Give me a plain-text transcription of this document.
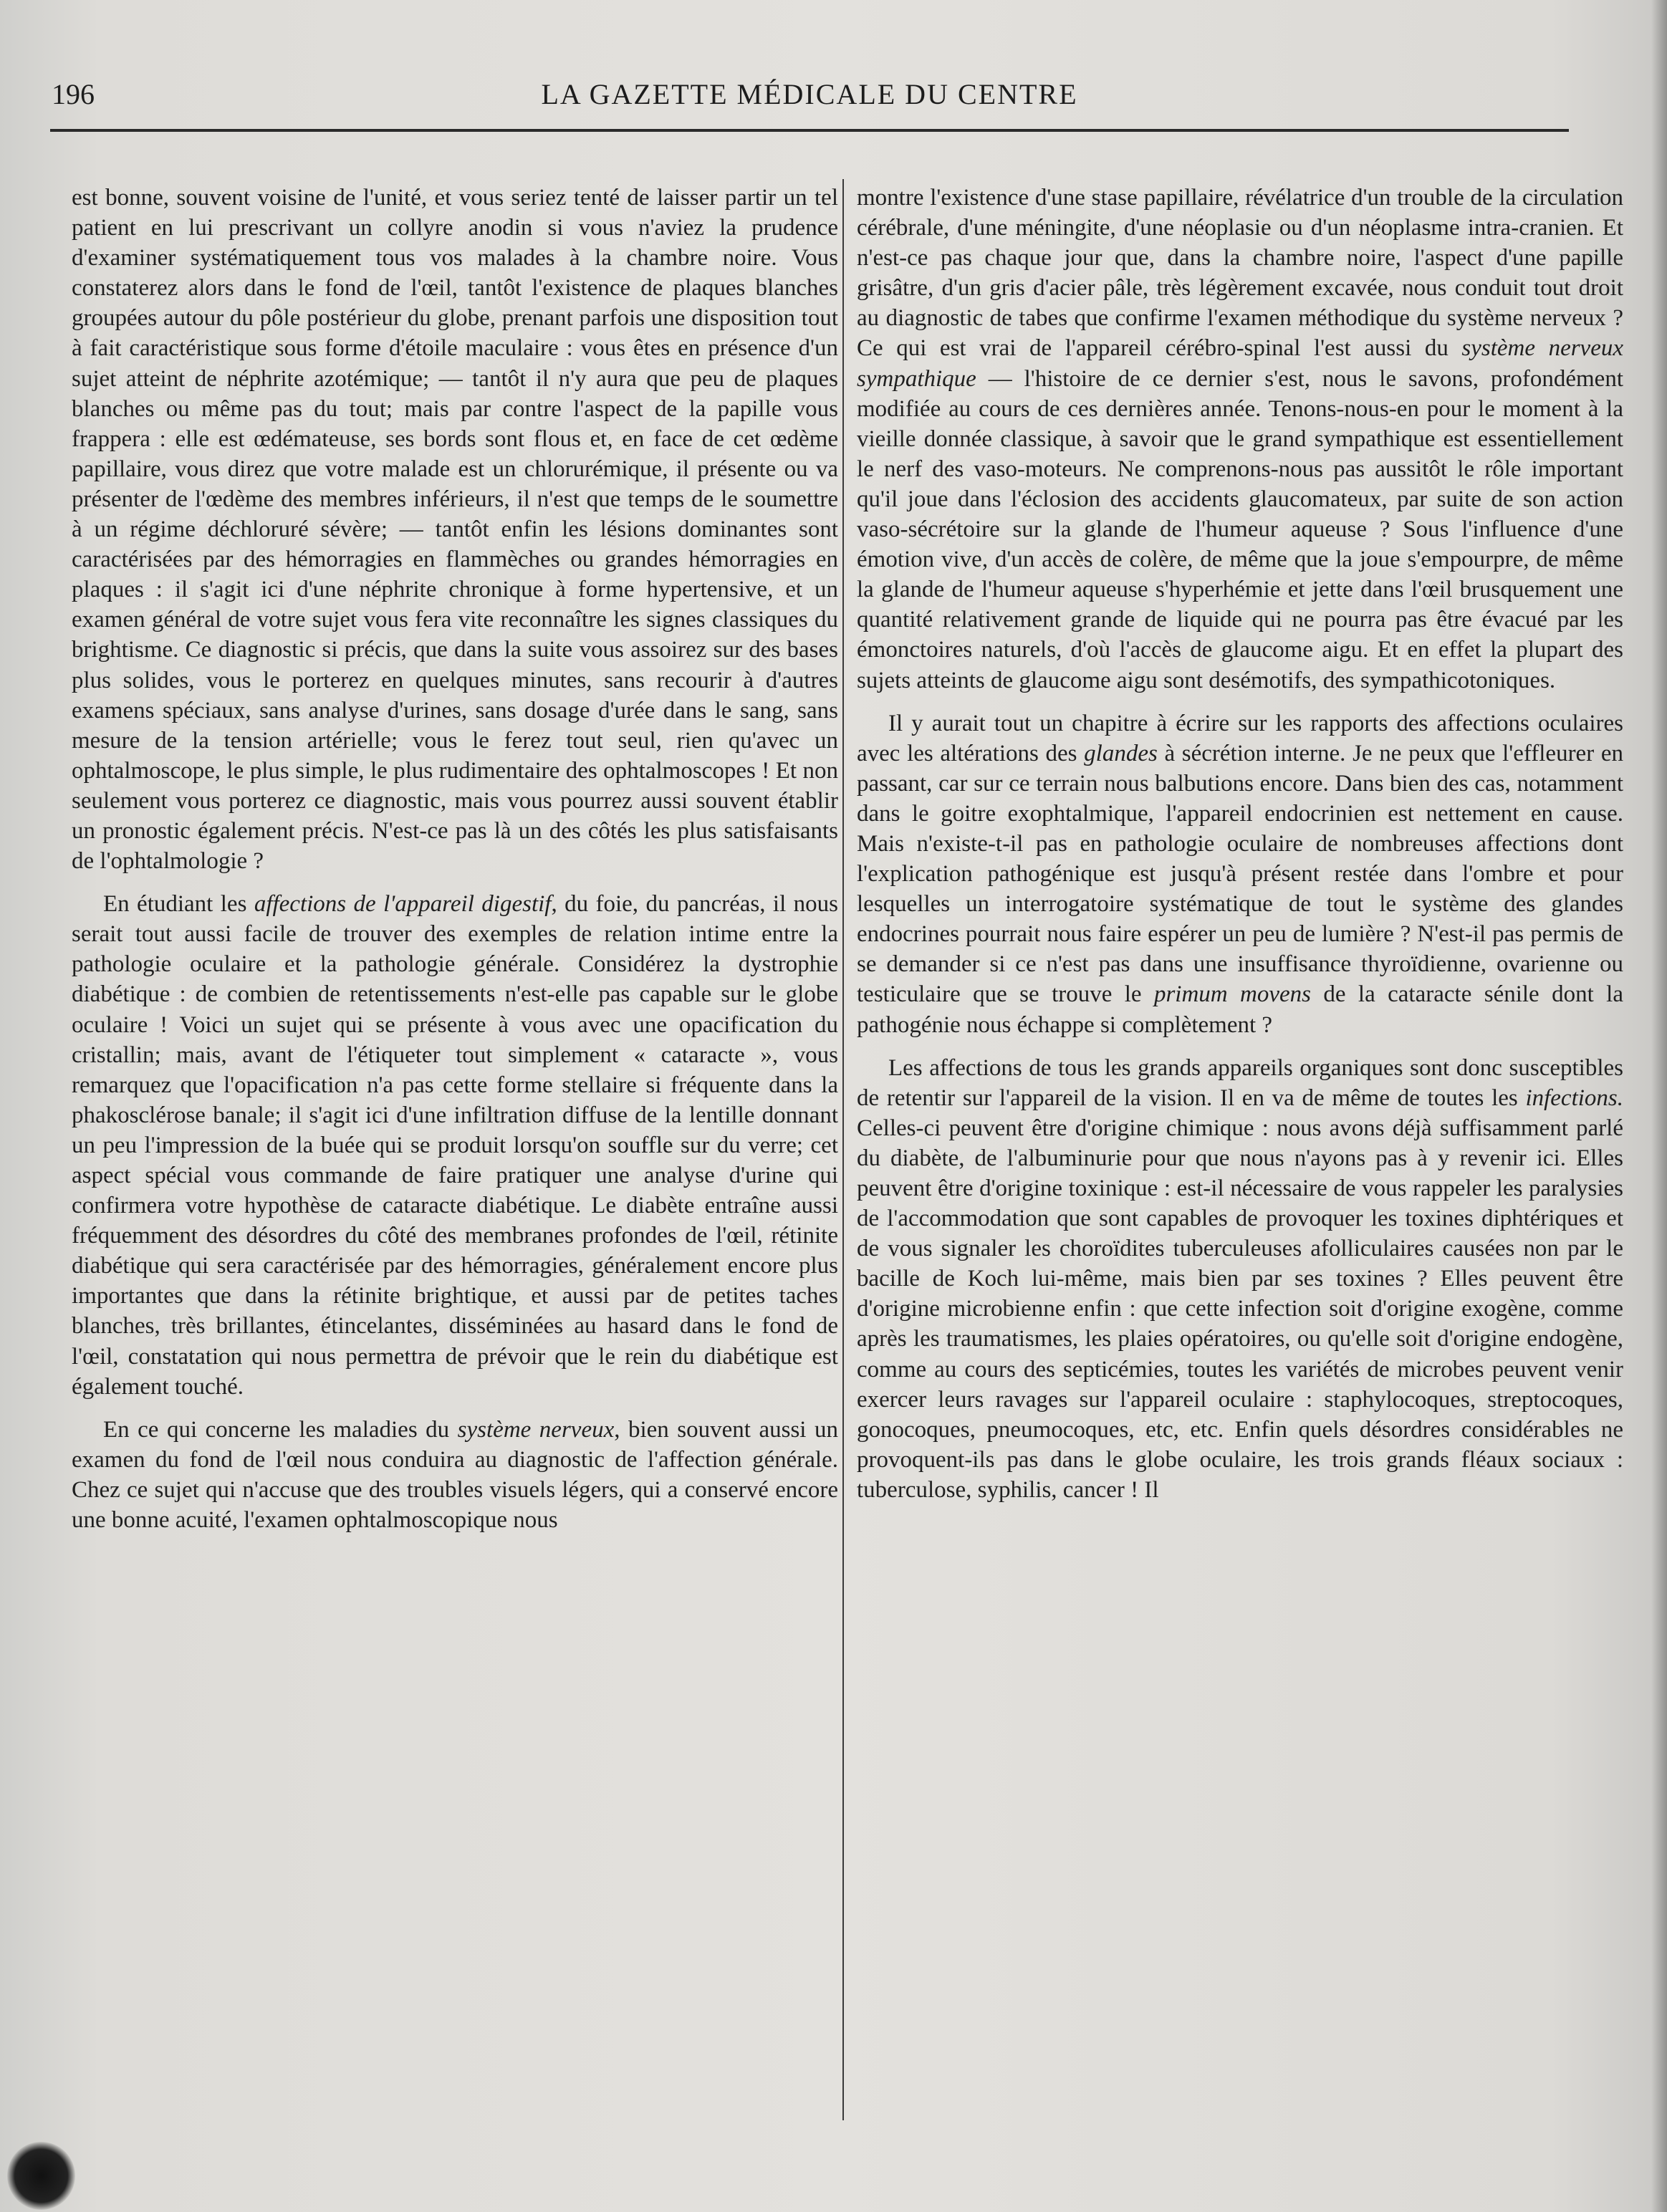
196	LA GAZETTE MÉDICALE DU CENTRE

est bonne, souvent voisine de l'unité, et vous seriez tenté de laisser partir un tel patient en lui prescrivant un collyre anodin si vous n'aviez la prudence d'examiner systématiquement tous vos malades à la chambre noire. Vous constaterez alors dans le fond de l'œil, tantôt l'existence de plaques blanches groupées autour du pôle postérieur du globe, prenant parfois une disposition tout à fait caractéristique sous forme d'étoile maculaire : vous êtes en présence d'un sujet atteint de néphrite azotémique; — tantôt il n'y aura que peu de plaques blanches ou même pas du tout; mais par contre l'aspect de la papille vous frappera : elle est œdémateuse, ses bords sont flous et, en face de cet œdème papillaire, vous direz que votre malade est un chlorurémique, il présente ou va présenter de l'œdème des membres inférieurs, il n'est que temps de le soumettre à un régime déchloruré sévère; — tantôt enfin les lésions dominantes sont caractérisées par des hémorragies en flammèches ou grandes hémorragies en plaques : il s'agit ici d'une néphrite chronique à forme hypertensive, et un examen général de votre sujet vous fera vite reconnaître les signes classiques du brightisme. Ce diagnostic si précis, que dans la suite vous assoirez sur des bases plus solides, vous le porterez en quelques minutes, sans recourir à d'autres examens spéciaux, sans analyse d'urines, sans dosage d'urée dans le sang, sans mesure de la tension artérielle; vous le ferez tout seul, rien qu'avec un ophtalmoscope, le plus simple, le plus rudimentaire des ophtalmoscopes ! Et non seulement vous porterez ce diagnostic, mais vous pourrez aussi souvent établir un pronostic également précis. N'est-ce pas là un des côtés les plus satisfaisants de l'ophtalmologie ?

En étudiant les affections de l'appareil digestif, du foie, du pancréas, il nous serait tout aussi facile de trouver des exemples de relation intime entre la pathologie oculaire et la pathologie générale. Considérez la dystrophie diabétique : de combien de retentissements n'est-elle pas capable sur le globe oculaire ! Voici un sujet qui se présente à vous avec une opacification du cristallin; mais, avant de l'étiqueter tout simplement « cataracte », vous remarquez que l'opacification n'a pas cette forme stellaire si fréquente dans la phakosclérose banale; il s'agit ici d'une infiltration diffuse de la lentille donnant un peu l'impression de la buée qui se produit lorsqu'on souffle sur du verre; cet aspect spécial vous commande de faire pratiquer une analyse d'urine qui confirmera votre hypothèse de cataracte diabétique. Le diabète entraîne aussi fréquemment des désordres du côté des membranes profondes de l'œil, rétinite diabétique qui sera caractérisée par des hémorragies, généralement encore plus importantes que dans la rétinite brightique, et aussi par de petites taches blanches, très brillantes, étincelantes, disséminées au hasard dans le fond de l'œil, constatation qui nous permettra de prévoir que le rein du diabétique est également touché.

En ce qui concerne les maladies du système nerveux, bien souvent aussi un examen du fond de l'œil nous conduira au diagnostic de l'affection générale. Chez ce sujet qui n'accuse que des troubles visuels légers, qui a conservé encore une bonne acuité, l'examen ophtalmoscopique nous

montre l'existence d'une stase papillaire, révélatrice d'un trouble de la circulation cérébrale, d'une méningite, d'une néoplasie ou d'un néoplasme intra-cranien. Et n'est-ce pas chaque jour que, dans la chambre noire, l'aspect d'une papille grisâtre, d'un gris d'acier pâle, très légèrement excavée, nous conduit tout droit au diagnostic de tabes que confirme l'examen méthodique du système nerveux ? Ce qui est vrai de l'appareil cérébro-spinal l'est aussi du système nerveux sympathique — l'histoire de ce dernier s'est, nous le savons, profondément modifiée au cours de ces dernières année. Tenons-nous-en pour le moment à la vieille donnée classique, à savoir que le grand sympathique est essentiellement le nerf des vaso-moteurs. Ne comprenons-nous pas aussitôt le rôle important qu'il joue dans l'éclosion des accidents glaucomateux, par suite de son action vaso-sécrétoire sur la glande de l'humeur aqueuse ? Sous l'influence d'une émotion vive, d'un accès de colère, de même que la joue s'empourpre, de même la glande de l'humeur aqueuse s'hyperhémie et jette dans l'œil brusquement une quantité relativement grande de liquide qui ne pourra pas être évacué par les émonctoires naturels, d'où l'accès de glaucome aigu. Et en effet la plupart des sujets atteints de glaucome aigu sont desémotifs, des sympathicotoniques.

Il y aurait tout un chapitre à écrire sur les rapports des affections oculaires avec les altérations des glandes à sécrétion interne. Je ne peux que l'effleurer en passant, car sur ce terrain nous balbutions encore. Dans bien des cas, notamment dans le goitre exophtalmique, l'appareil endocrinien est nettement en cause. Mais n'existe-t-il pas en pathologie oculaire de nombreuses affections dont l'explication pathogénique est jusqu'à présent restée dans l'ombre et pour lesquelles un interrogatoire systématique de tout le système des glandes endocrines pourrait nous faire espérer un peu de lumière ? N'est-il pas permis de se demander si ce n'est pas dans une insuffisance thyroïdienne, ovarienne ou testiculaire que se trouve le primum movens de la cataracte sénile dont la pathogénie nous échappe si complètement ?

Les affections de tous les grands appareils organiques sont donc susceptibles de retentir sur l'appareil de la vision. Il en va de même de toutes les infections. Celles-ci peuvent être d'origine chimique : nous avons déjà suffisamment parlé du diabète, de l'albuminurie pour que nous n'ayons pas à y revenir ici. Elles peuvent être d'origine toxinique : est-il nécessaire de vous rappeler les paralysies de l'accommodation que sont capables de provoquer les toxines diphtériques et de vous signaler les choroïdites tuberculeuses afolliculaires causées non par le bacille de Koch lui-même, mais bien par ses toxines ? Elles peuvent être d'origine microbienne enfin : que cette infection soit d'origine exogène, comme après les traumatismes, les plaies opératoires, ou qu'elle soit d'origine endogène, comme au cours des septicémies, toutes les variétés de microbes peuvent venir exercer leurs ravages sur l'appareil oculaire : staphylocoques, streptocoques, gonocoques, pneumocoques, etc, etc. Enfin quels désordres considérables ne provoquent-ils pas dans le globe oculaire, les trois grands fléaux sociaux : tuberculose, syphilis, cancer ! Il
